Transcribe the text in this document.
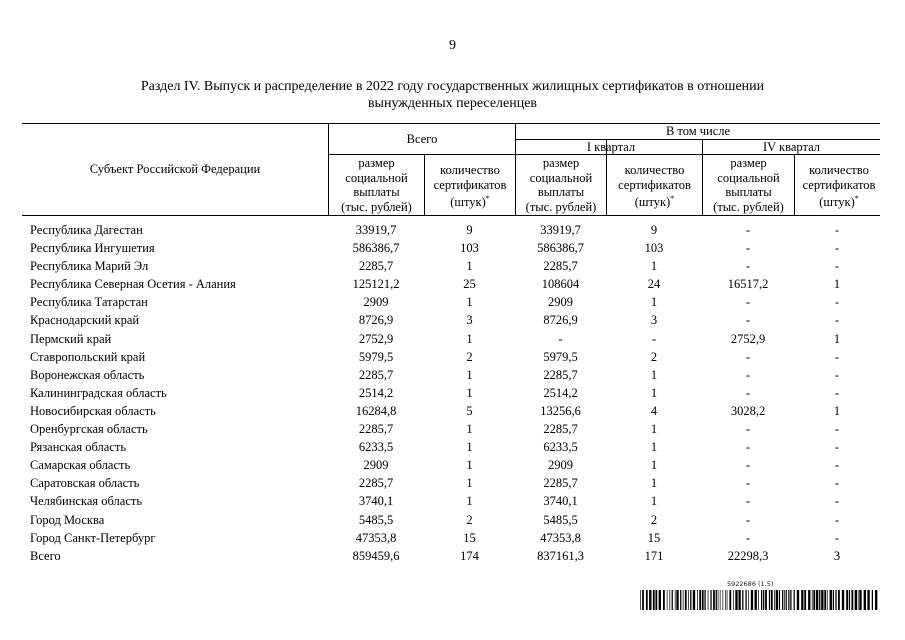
9
Раздел IV. Выпуск и распределение в 2022 году государственных жилищных сертификатов в отношении
вынужденных переселенцев
Субъект Российской Федерации
Всего
В том числе
I квартал	IV квартал
размер
социальной
выплаты
(тыс. рублей)
количество
сертификатов
(штук)*
размер
социальной
выплаты
(тыс. рублей)
количество
сертификатов
(штук)*
размер
социальной
выплаты
(тыс. рублей)
количество
сертификатов
(штук)*
Республика Дагестан	33919,7	9	33919,7	9	-	-
Республика Ингушетия	586386,7	103	586386,7	103	-	-
Республика Марий Эл	2285,7	1	2285,7	1	-	-
Республика Северная Осетия - Алания	125121,2	25	108604	24	16517,2	1
Республика Татарстан	2909	1	2909	1	-	-
Краснодарский край	8726,9	3	8726,9	3	-	-
Пермский край	2752,9	1	-	-	2752,9	1
Ставропольский край	5979,5	2	5979,5	2	-	-
Воронежская область	2285,7	1	2285,7	1	-	-
Калининградская область	2514,2	1	2514,2	1	-	-
Новосибирская область	16284,8	5	13256,6	4	3028,2	1
Оренбургская область	2285,7	1	2285,7	1	-	-
Рязанская область	6233,5	1	6233,5	1	-	-
Самарская область	2909	1	2909	1	-	-
Саратовская область	2285,7	1	2285,7	1	-	-
Челябинская область	3740,1	1	3740,1	1	-	-
Город Москва	5485,5	2	5485,5	2	-	-
Город Санкт-Петербург	47353,8	15	47353,8	15	-	-
Всего	859459,6	174	837161,3	171	22298,3	3
5922686 (1.5)
